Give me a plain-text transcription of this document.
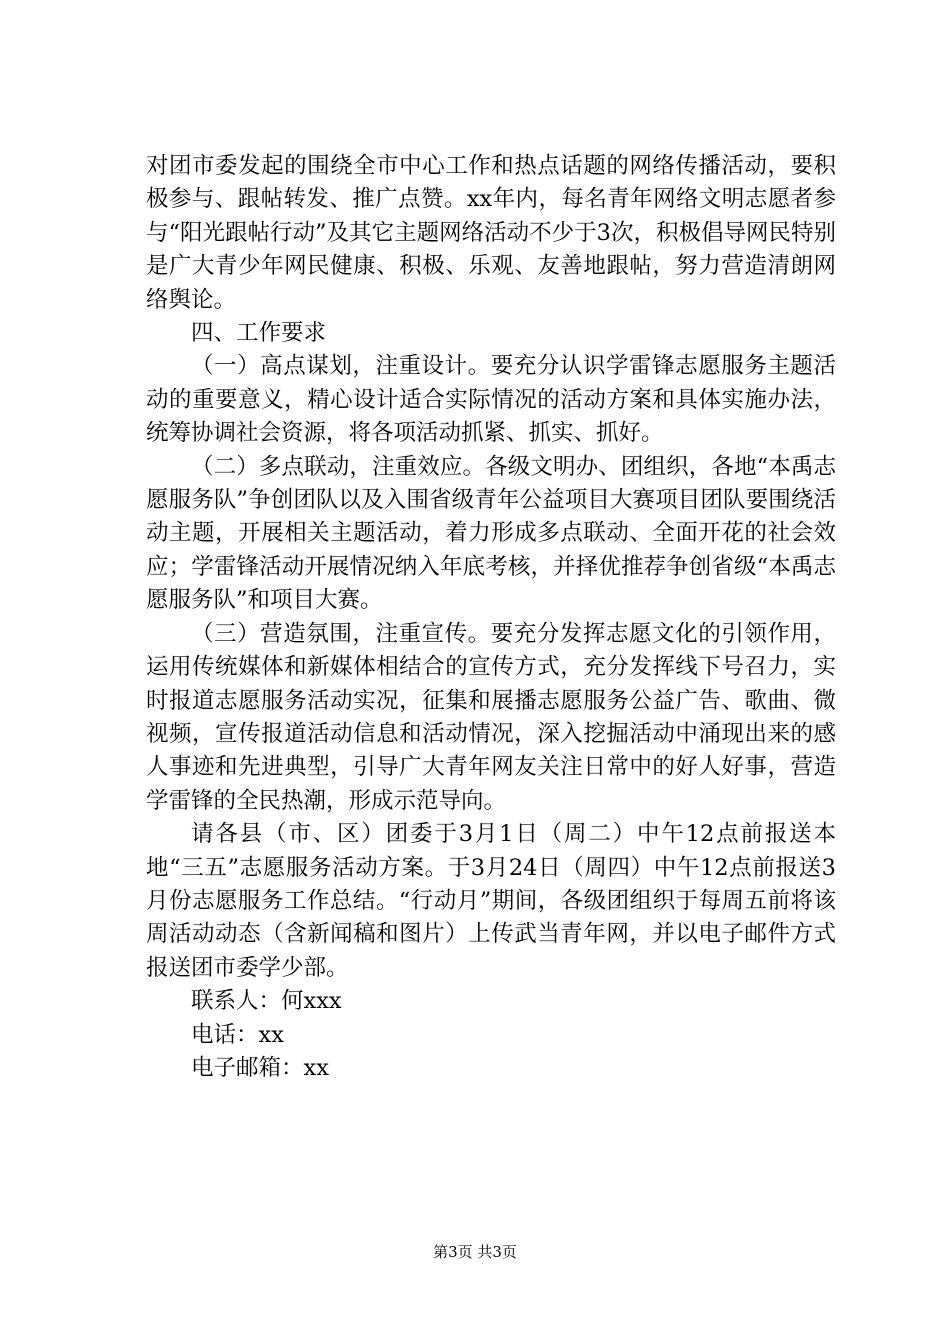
对团市委发起的围绕全市中心工作和热点话题的网络传播活动，要积极参与、跟帖转发、推广点赞。xx年内，每名青年网络文明志愿者参与“阳光跟帖行动”及其它主题网络活动不少于3次，积极倡导网民特别是广大青少年网民健康、积极、乐观、友善地跟帖，努力营造清朗网络舆论。

四、工作要求

（一）高点谋划，注重设计。要充分认识学雷锋志愿服务主题活动的重要意义，精心设计适合实际情况的活动方案和具体实施办法，统筹协调社会资源，将各项活动抓紧、抓实、抓好。

（二）多点联动，注重效应。各级文明办、团组织，各地“本禹志愿服务队”争创团队以及入围省级青年公益项目大赛项目团队要围绕活动主题，开展相关主题活动，着力形成多点联动、全面开花的社会效应；学雷锋活动开展情况纳入年底考核，并择优推荐争创省级“本禹志愿服务队”和项目大赛。

（三）营造氛围，注重宣传。要充分发挥志愿文化的引领作用，运用传统媒体和新媒体相结合的宣传方式，充分发挥线下号召力，实时报道志愿服务活动实况，征集和展播志愿服务公益广告、歌曲、微视频，宣传报道活动信息和活动情况，深入挖掘活动中涌现出来的感人事迹和先进典型，引导广大青年网友关注日常中的好人好事，营造学雷锋的全民热潮，形成示范导向。

请各县（市、区）团委于3月1日（周二）中午12点前报送本地“三五”志愿服务活动方案。于3月24日（周四）中午12点前报送3月份志愿服务工作总结。“行动月”期间，各级团组织于每周五前将该周活动动态（含新闻稿和图片）上传武当青年网，并以电子邮件方式报送团市委学少部。

联系人：何xxx

电话：xx

电子邮箱：xx

第3页 共3页
